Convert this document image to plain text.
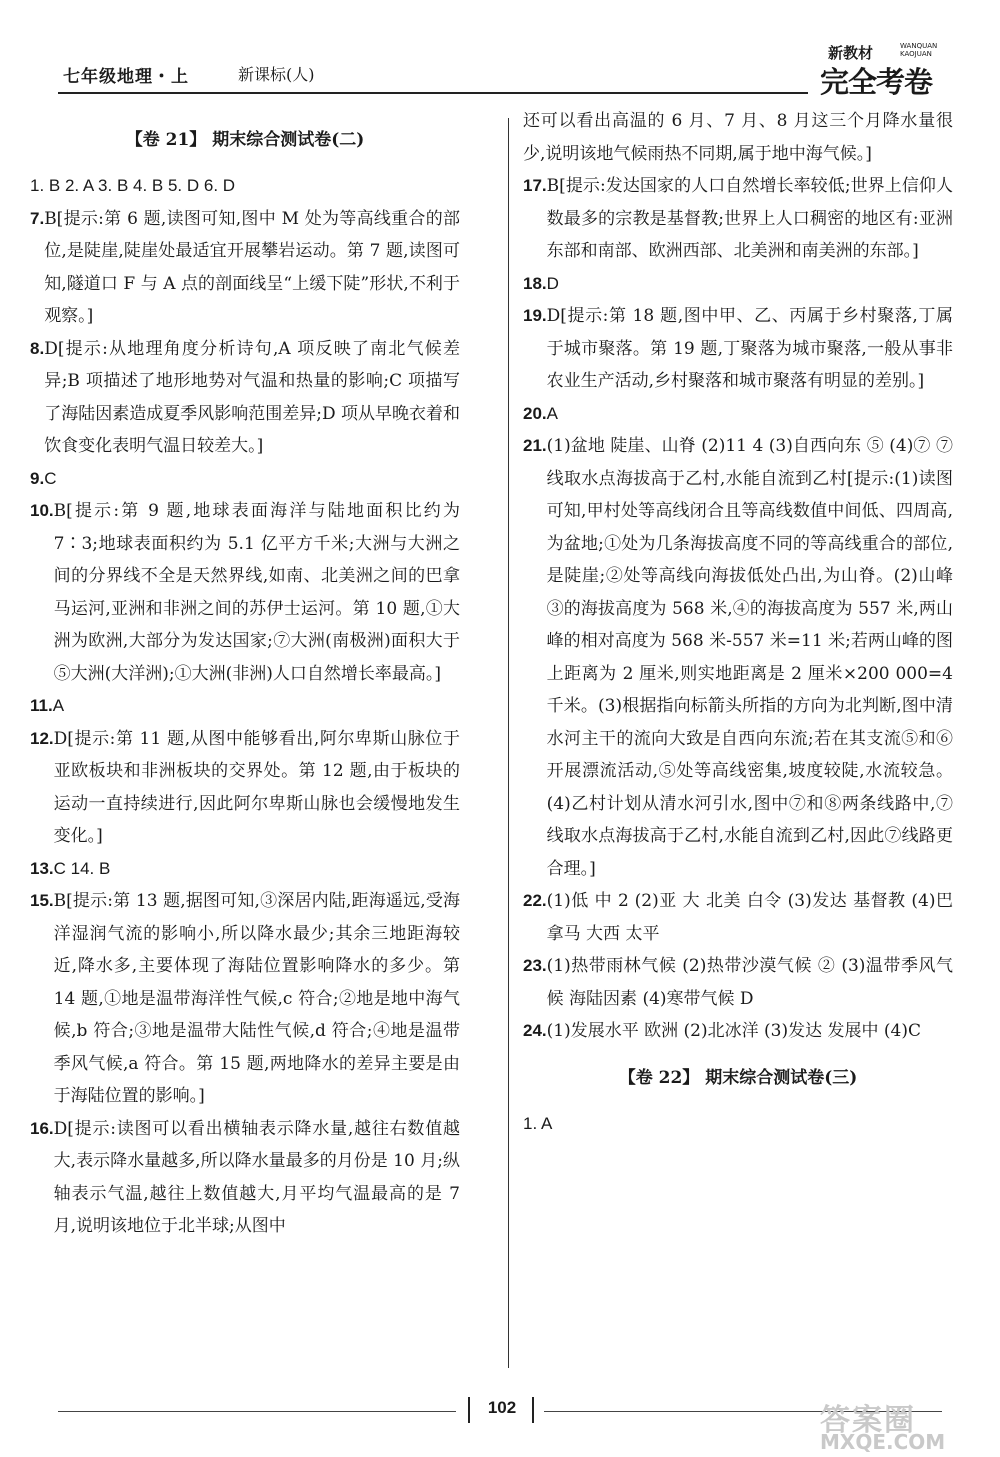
七年级地理・上	新课标(人)
新教材	WANQUAN
KAOJUAN
完全考卷
【卷 21】 期末综合测试卷(二)
1. B 2. A 3. B 4. B 5. D 6. D
7. B[提示:第 6 题,读图可知,图中 M 处为等高线重合的部位,是陡崖,陡崖处最适宜开展攀岩运动。第 7 题,读图可知,隧道口 F 与 A 点的剖面线呈“上缓下陡”形状,不利于观察。]
8. D[提示:从地理角度分析诗句,A 项反映了南北气候差异;B 项描述了地形地势对气温和热量的影响;C 项描写了海陆因素造成夏季风影响范围差异;D 项从早晚衣着和饮食变化表明气温日较差大。]
9. C
10. B[提示:第 9 题,地球表面海洋与陆地面积比约为 7∶3;地球表面积约为 5.1 亿平方千米;大洲与大洲之间的分界线不全是天然界线,如南、北美洲之间的巴拿马运河,亚洲和非洲之间的苏伊士运河。第 10 题,①大洲为欧洲,大部分为发达国家;⑦大洲(南极洲)面积大于⑤大洲(大洋洲);①大洲(非洲)人口自然增长率最高。]
11. A
12. D[提示:第 11 题,从图中能够看出,阿尔卑斯山脉位于亚欧板块和非洲板块的交界处。第 12 题,由于板块的运动一直持续进行,因此阿尔卑斯山脉也会缓慢地发生变化。]
13. C 14. B
15. B[提示:第 13 题,据图可知,③深居内陆,距海遥远,受海洋湿润气流的影响小,所以降水最少;其余三地距海较近,降水多,主要体现了海陆位置影响降水的多少。第 14 题,①地是温带海洋性气候,c 符合;②地是地中海气候,b 符合;③地是温带大陆性气候,d 符合;④地是温带季风气候,a 符合。第 15 题,两地降水的差异主要是由于海陆位置的影响。]
16. D[提示:读图可以看出横轴表示降水量,越往右数值越大,表示降水量越多,所以降水量最多的月份是 10 月;纵轴表示气温,越往上数值越大,月平均气温最高的是 7 月,说明该地位于北半球;从图中
还可以看出高温的 6 月、7 月、8 月这三个月降水量很少,说明该地气候雨热不同期,属于地中海气候。]
17. B[提示:发达国家的人口自然增长率较低;世界上信仰人数最多的宗教是基督教;世界上人口稠密的地区有:亚洲东部和南部、欧洲西部、北美洲和南美洲的东部。]
18. D
19. D[提示:第 18 题,图中甲、乙、丙属于乡村聚落,丁属于城市聚落。第 19 题,丁聚落为城市聚落,一般从事非农业生产活动,乡村聚落和城市聚落有明显的差别。]
20. A
21. (1)盆地 陡崖、山脊 (2)11 4 (3)自西向东 ⑤ (4)⑦ ⑦线取水点海拔高于乙村,水能自流到乙村[提示:(1)读图可知,甲村处等高线闭合且等高线数值中间低、四周高,为盆地;①处为几条海拔高度不同的等高线重合的部位,是陡崖;②处等高线向海拔低处凸出,为山脊。(2)山峰③的海拔高度为 568 米,④的海拔高度为 557 米,两山峰的相对高度为 568 米-557 米=11 米;若两山峰的图上距离为 2 厘米,则实地距离是 2 厘米×200 000=4 千米。(3)根据指向标箭头所指的方向为北判断,图中清水河主干的流向大致是自西向东流;若在其支流⑤和⑥开展漂流活动,⑤处等高线密集,坡度较陡,水流较急。(4)乙村计划从清水河引水,图中⑦和⑧两条线路中,⑦线取水点海拔高于乙村,水能自流到乙村,因此⑦线路更合理。]
22. (1)低 中 2 (2)亚 大 北美 白令 (3)发达 基督教 (4)巴拿马 大西 太平
23. (1)热带雨林气候 (2)热带沙漠气候 ② (3)温带季风气候 海陆因素 (4)寒带气候 D
24. (1)发展水平 欧洲 (2)北冰洋 (3)发达 发展中 (4)C
【卷 22】 期末综合测试卷(三)
1. A
102	答案圈
MXQE.COM
